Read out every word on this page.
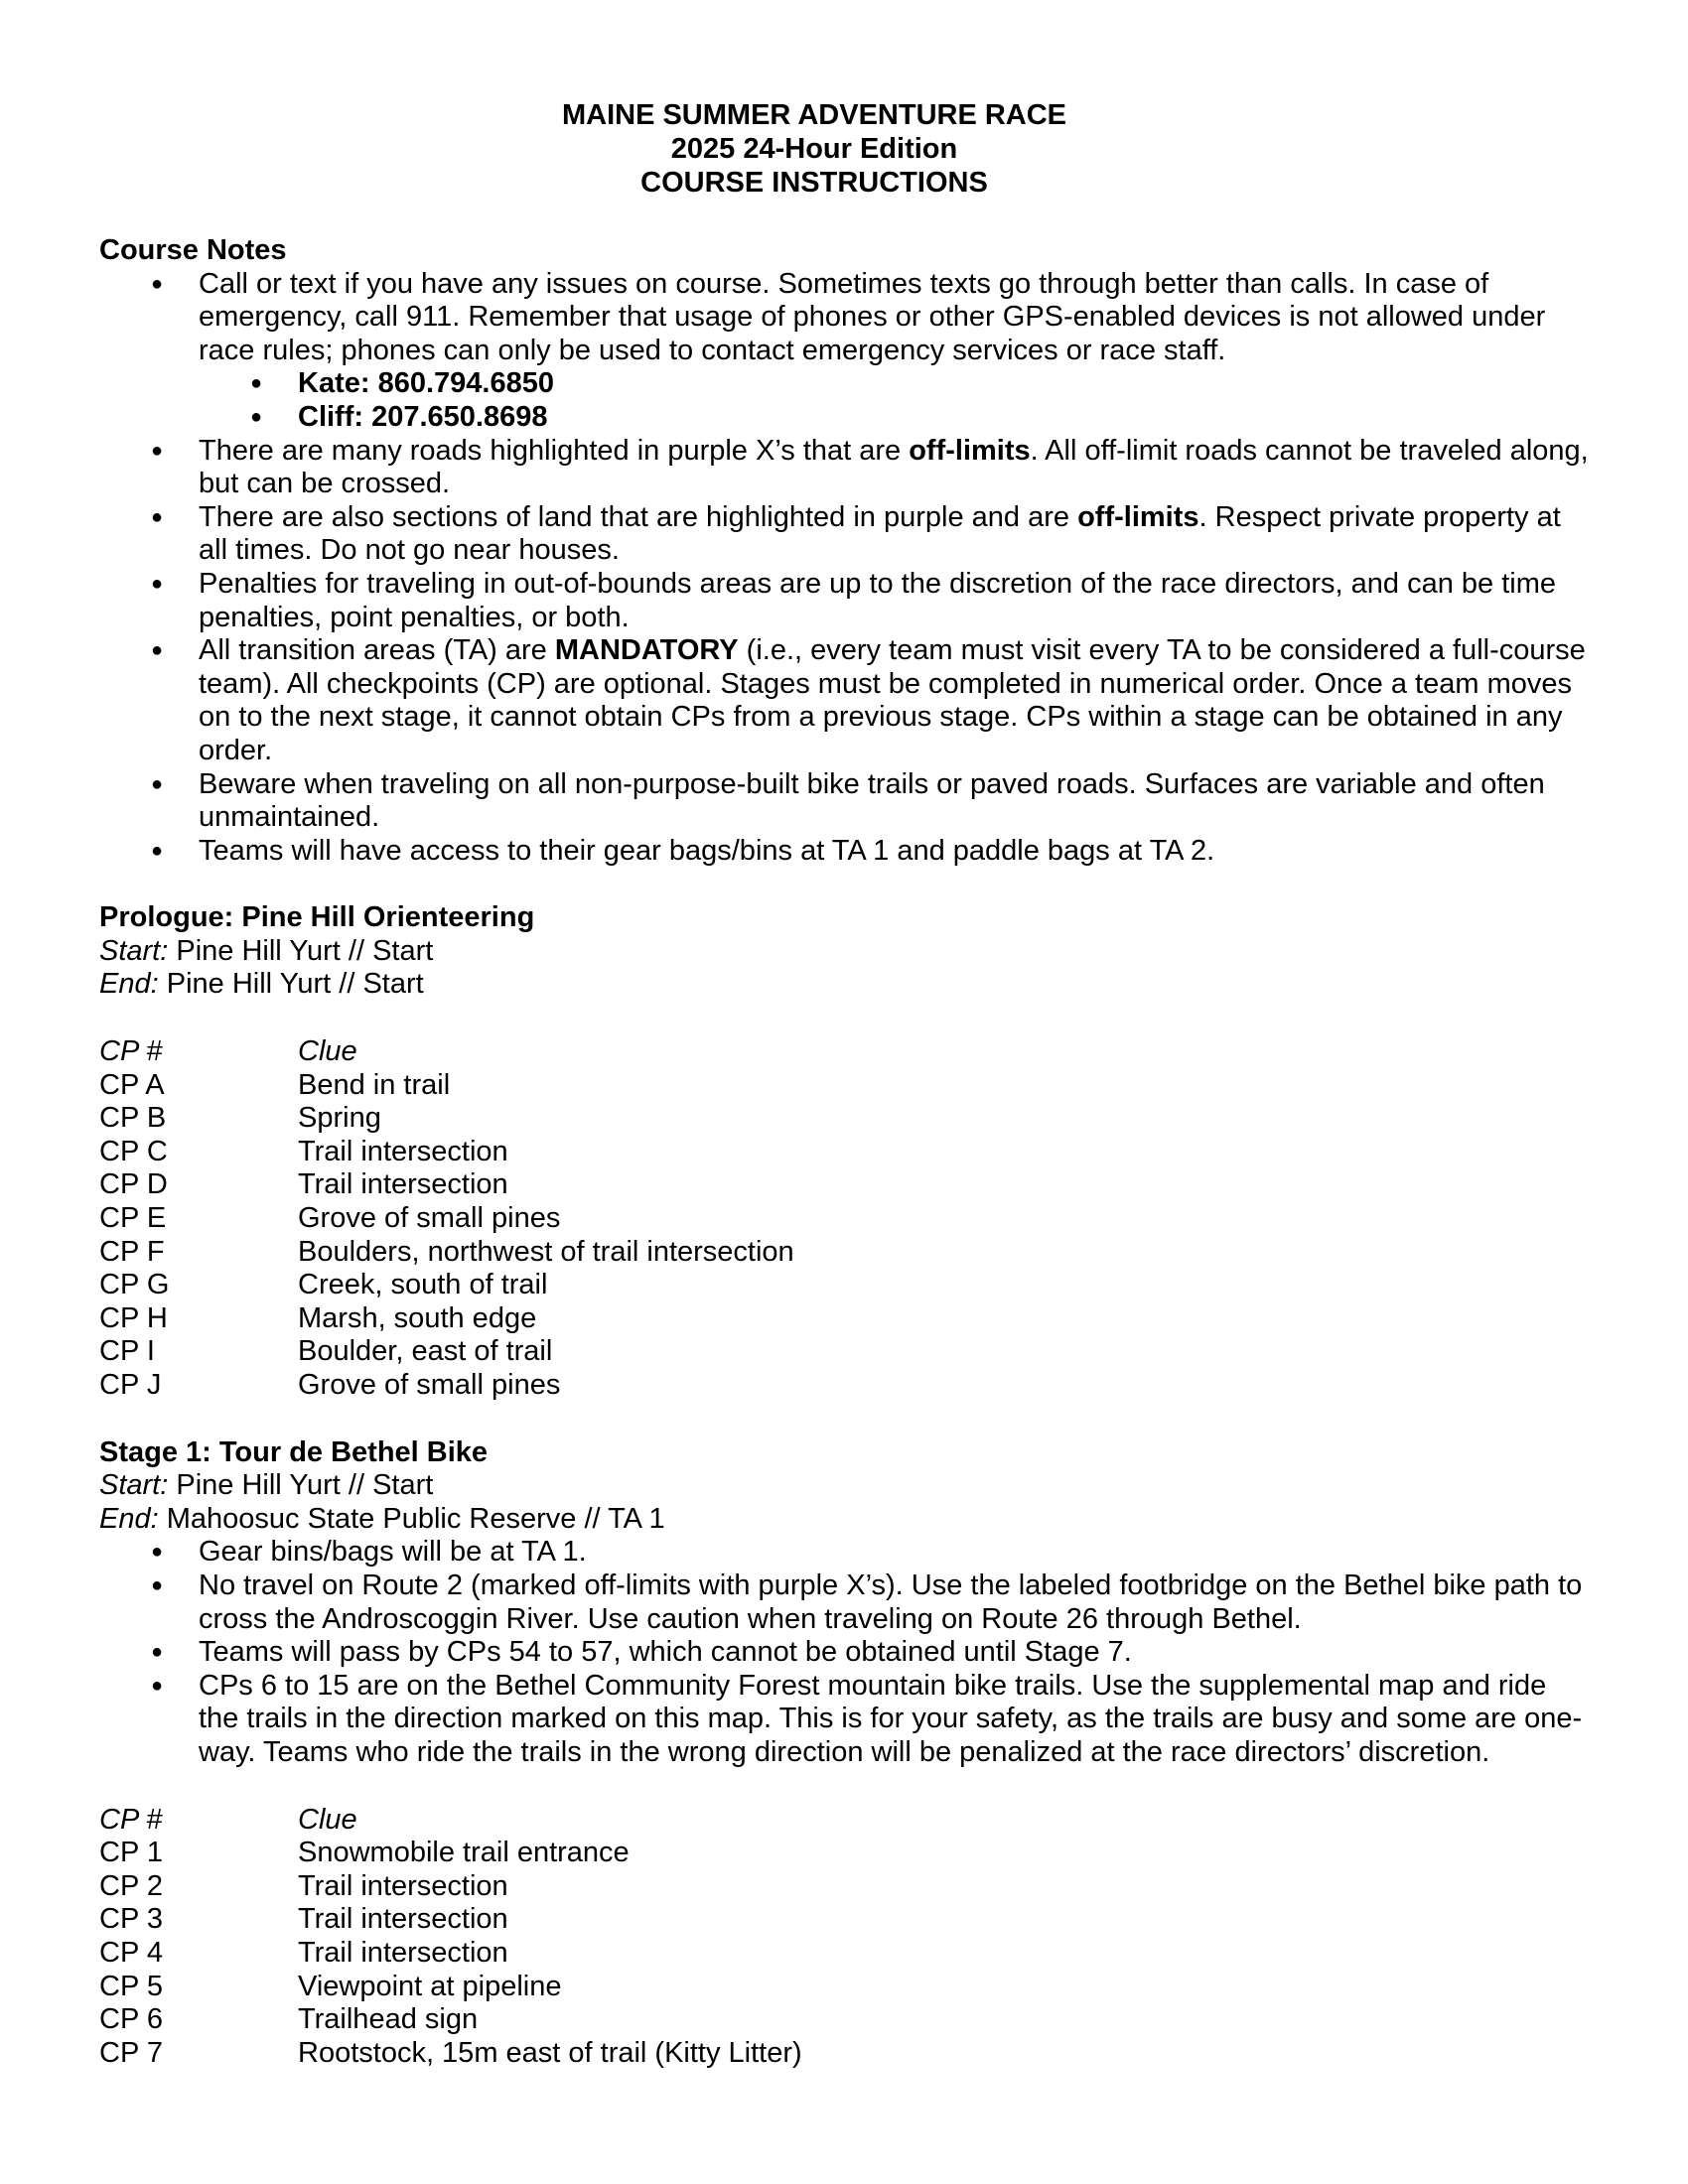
MAINE SUMMER ADVENTURE RACE
2025 24-Hour Edition
COURSE INSTRUCTIONS
Course Notes
● Call or text if you have any issues on course. Sometimes texts go through better than calls. In case of emergency, call 911. Remember that usage of phones or other GPS-enabled devices is not allowed under race rules; phones can only be used to contact emergency services or race staff.
● Kate: 860.794.6850
● Cliff: 207.650.8698
● There are many roads highlighted in purple X’s that are off-limits. All off-limit roads cannot be traveled along, but can be crossed.
● There are also sections of land that are highlighted in purple and are off-limits. Respect private property at all times. Do not go near houses.
● Penalties for traveling in out-of-bounds areas are up to the discretion of the race directors, and can be time penalties, point penalties, or both.
● All transition areas (TA) are MANDATORY (i.e., every team must visit every TA to be considered a full-course team). All checkpoints (CP) are optional. Stages must be completed in numerical order. Once a team moves on to the next stage, it cannot obtain CPs from a previous stage. CPs within a stage can be obtained in any order.
● Beware when traveling on all non-purpose-built bike trails or paved roads. Surfaces are variable and often unmaintained.
● Teams will have access to their gear bags/bins at TA 1 and paddle bags at TA 2.
Prologue: Pine Hill Orienteering
Start: Pine Hill Yurt // Start
End: Pine Hill Yurt // Start
CP #	Clue
CP A	Bend in trail
CP B	Spring
CP C	Trail intersection
CP D	Trail intersection
CP E	Grove of small pines
CP F	Boulders, northwest of trail intersection
CP G	Creek, south of trail
CP H	Marsh, south edge
CP I	Boulder, east of trail
CP J	Grove of small pines
Stage 1: Tour de Bethel Bike
Start: Pine Hill Yurt // Start
End: Mahoosuc State Public Reserve // TA 1
● Gear bins/bags will be at TA 1.
● No travel on Route 2 (marked off-limits with purple X’s). Use the labeled footbridge on the Bethel bike path to cross the Androscoggin River. Use caution when traveling on Route 26 through Bethel.
● Teams will pass by CPs 54 to 57, which cannot be obtained until Stage 7.
● CPs 6 to 15 are on the Bethel Community Forest mountain bike trails. Use the supplemental map and ride the trails in the direction marked on this map. This is for your safety, as the trails are busy and some are one-way. Teams who ride the trails in the wrong direction will be penalized at the race directors’ discretion.
CP #	Clue
CP 1	Snowmobile trail entrance
CP 2	Trail intersection
CP 3	Trail intersection
CP 4	Trail intersection
CP 5	Viewpoint at pipeline
CP 6	Trailhead sign
CP 7	Rootstock, 15m east of trail (Kitty Litter)
